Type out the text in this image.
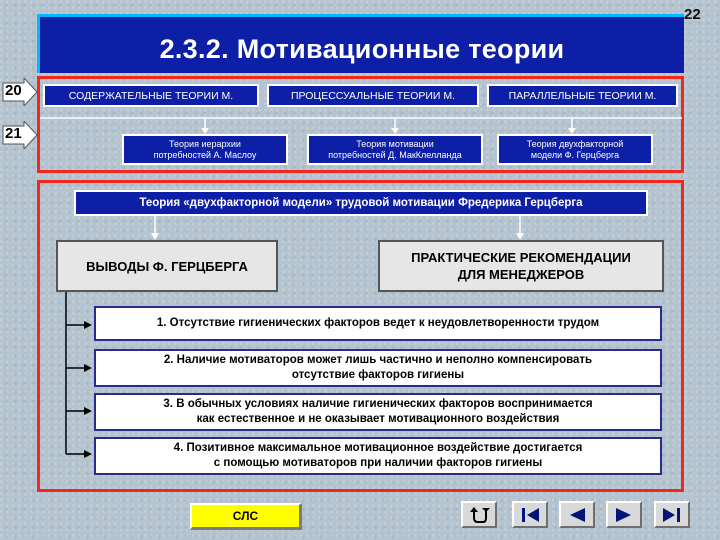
22
2.3.2. Мотивационные теории
20
21
СОДЕРЖАТЕЛЬНЫЕ ТЕОРИИ М.	ПРОЦЕССУАЛЬНЫЕ ТЕОРИИ М.	ПАРАЛЛЕЛЬНЫЕ ТЕОРИИ М.
Теория иерархии
потребностей А. Маслоу
Теория мотивации
потребностей Д. МакКлелланда
Теория двухфакторной
модели Ф. Герцберга
Теория «двухфакторной модели» трудовой мотивации Фредерика Герцберга
ВЫВОДЫ Ф. ГЕРЦБЕРГА
ПРАКТИЧЕСКИЕ РЕКОМЕНДАЦИИ
ДЛЯ МЕНЕДЖЕРОВ
1. Отсутствие гигиенических факторов ведет к неудовлетворенности трудом
2. Наличие мотиваторов может лишь частично и неполно компенсировать
отсутствие факторов гигиены
3. В обычных условиях наличие гигиенических факторов воспринимается
как естественное и не оказывает мотивационного воздействия
4. Позитивное максимальное мотивационное воздействие достигается
с помощью мотиваторов при наличии факторов гигиены
СЛС
